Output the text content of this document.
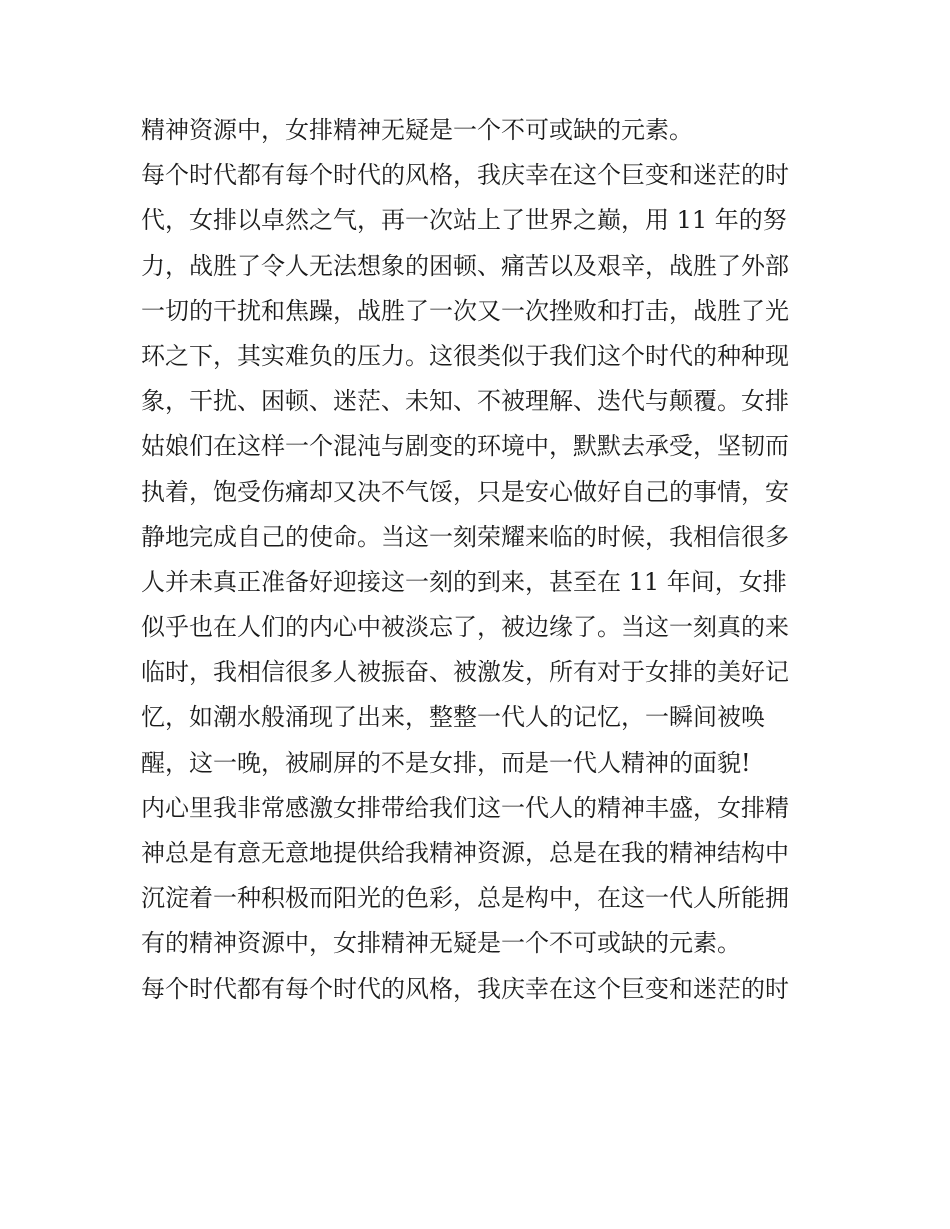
精神资源中，女排精神无疑是一个不可或缺的元素。
每个时代都有每个时代的风格，我庆幸在这个巨变和迷茫的时
代，女排以卓然之气，再一次站上了世界之巅，用 11 年的努
力，战胜了令人无法想象的困顿、痛苦以及艰辛，战胜了外部
一切的干扰和焦躁，战胜了一次又一次挫败和打击，战胜了光
环之下，其实难负的压力。这很类似于我们这个时代的种种现
象，干扰、困顿、迷茫、未知、不被理解、迭代与颠覆。女排
姑娘们在这样一个混沌与剧变的环境中，默默去承受，坚韧而
执着，饱受伤痛却又决不气馁，只是安心做好自己的事情，安
静地完成自己的使命。当这一刻荣耀来临的时候，我相信很多
人并未真正准备好迎接这一刻的到来，甚至在 11 年间，女排
似乎也在人们的内心中被淡忘了，被边缘了。当这一刻真的来
临时，我相信很多人被振奋、被激发，所有对于女排的美好记
忆，如潮水般涌现了出来，整整一代人的记忆，一瞬间被唤
醒，这一晚，被刷屏的不是女排，而是一代人精神的面貌!
内心里我非常感激女排带给我们这一代人的精神丰盛，女排精
神总是有意无意地提供给我精神资源，总是在我的精神结构中
沉淀着一种积极而阳光的色彩，总是构中，在这一代人所能拥
有的精神资源中，女排精神无疑是一个不可或缺的元素。
每个时代都有每个时代的风格，我庆幸在这个巨变和迷茫的时
